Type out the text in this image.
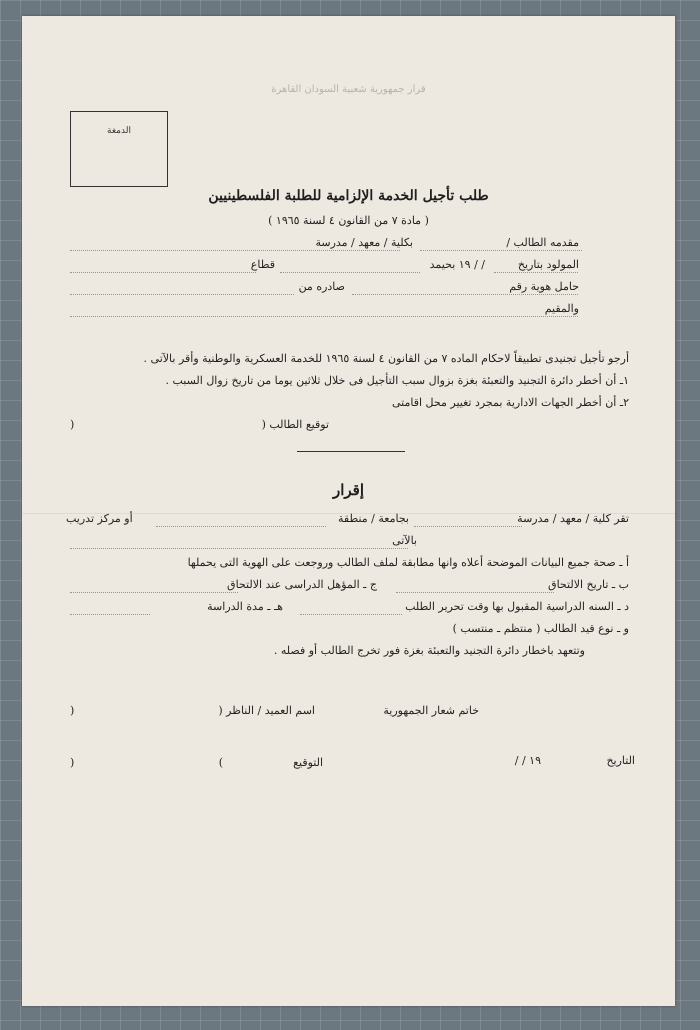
قرار جمهورية شعبية السودان القاهرة
الدمغة
طلب تأجيل الخدمة الإلزامية للطلبة الفلسطينيين
( مادة ٧ من القانون ٤ لسنة ١٩٦٥ )
مقدمه الطالب /
بكلية / معهد / مدرسة
المولود بتاريخ
/ / ١٩ بحيمد
قطاع
حامل هوية رقم
صادره من
والمقيم
أرجو تأجيل تجنيدى تطبيقاً لاحكام الماده ٧ من القانون ٤ لسنة ١٩٦٥ للخدمة العسكرية والوطنية وأقر بالآتى .
١ـ أن أخطر دائرة التجنيد والتعبئة بغزة بزوال سبب التأجيل فى خلال ثلاثين يوما من تاريخ زوال السبب .
٢ـ أن أخطر الجهات الادارية بمجرد تغيير محل اقامتى
توقيع الطالب (
)
إقرار
تقر كلية / معهد / مدرسة
بجامعة / منطقة
أو مركز تدريب
بالآتى
أ ـ صحة جميع البيانات الموضحة أعلاه وانها مطابقة لملف الطالب وروجعت على الهوية التى يحملها
ب ـ تاريخ الالتحاق
ج ـ المؤهل الدراسى عند الالتحاق
د ـ السنه الدراسية المقبول بها وقت تحرير الطلب
هـ ـ مدة الدراسة
و ـ نوع قيد الطالب ( منتظم ـ منتسب )
وتتعهد باخطار دائرة التجنيد والتعبئة بغزة فور تخرج الطالب أو فصله .
خاتم شعار الجمهورية
اسم العميد / الناظر (
)
التاريخ
/ / ١٩
التوقيع
(
)
